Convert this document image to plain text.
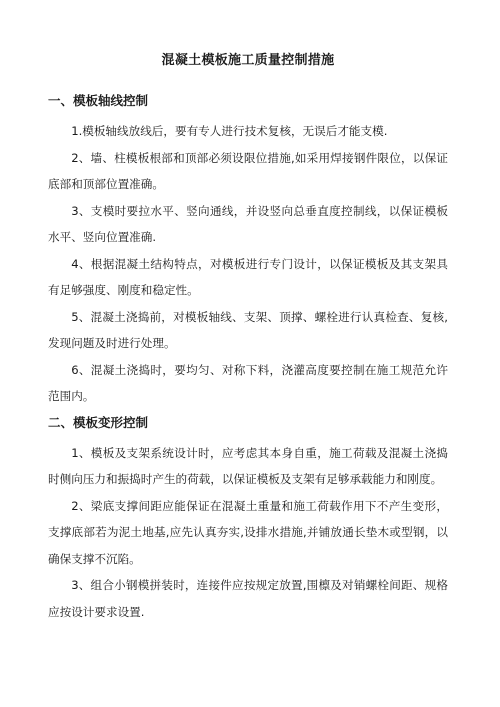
混凝土模板施工质量控制措施
一、模板轴线控制

1.模板轴线放线后，要有专人进行技术复核，无误后才能支模.

2、墙、柱模板根部和顶部必须设限位措施,如采用焊接钢件限位，以保证底部和顶部位置准确。

3、支模时要拉水平、竖向通线，并设竖向总垂直度控制线，以保证模板水平、竖向位置准确.

4、根据混凝土结构特点，对模板进行专门设计，以保证模板及其支架具有足够强度、刚度和稳定性。

5、混凝土浇捣前，对模板轴线、支架、顶撑、螺栓进行认真检查、复核,发现问题及时进行处理。

6、混凝土浇捣时，要均匀、对称下料，浇灌高度要控制在施工规范允许范围内。

二、模板变形控制

1、模板及支架系统设计时，应考虑其本身自重，施工荷载及混凝土浇捣时侧向压力和振捣时产生的荷载，以保证模板及支架有足够承载能力和刚度。

2、梁底支撑间距应能保证在混凝土重量和施工荷载作用下不产生变形，支撑底部若为泥土地基,应先认真夯实,设排水措施,并铺放通长垫木或型钢，以确保支撑不沉陷。

3、组合小钢模拼装时，连接件应按规定放置,围檩及对销螺栓间距、规格应按设计要求设置.
